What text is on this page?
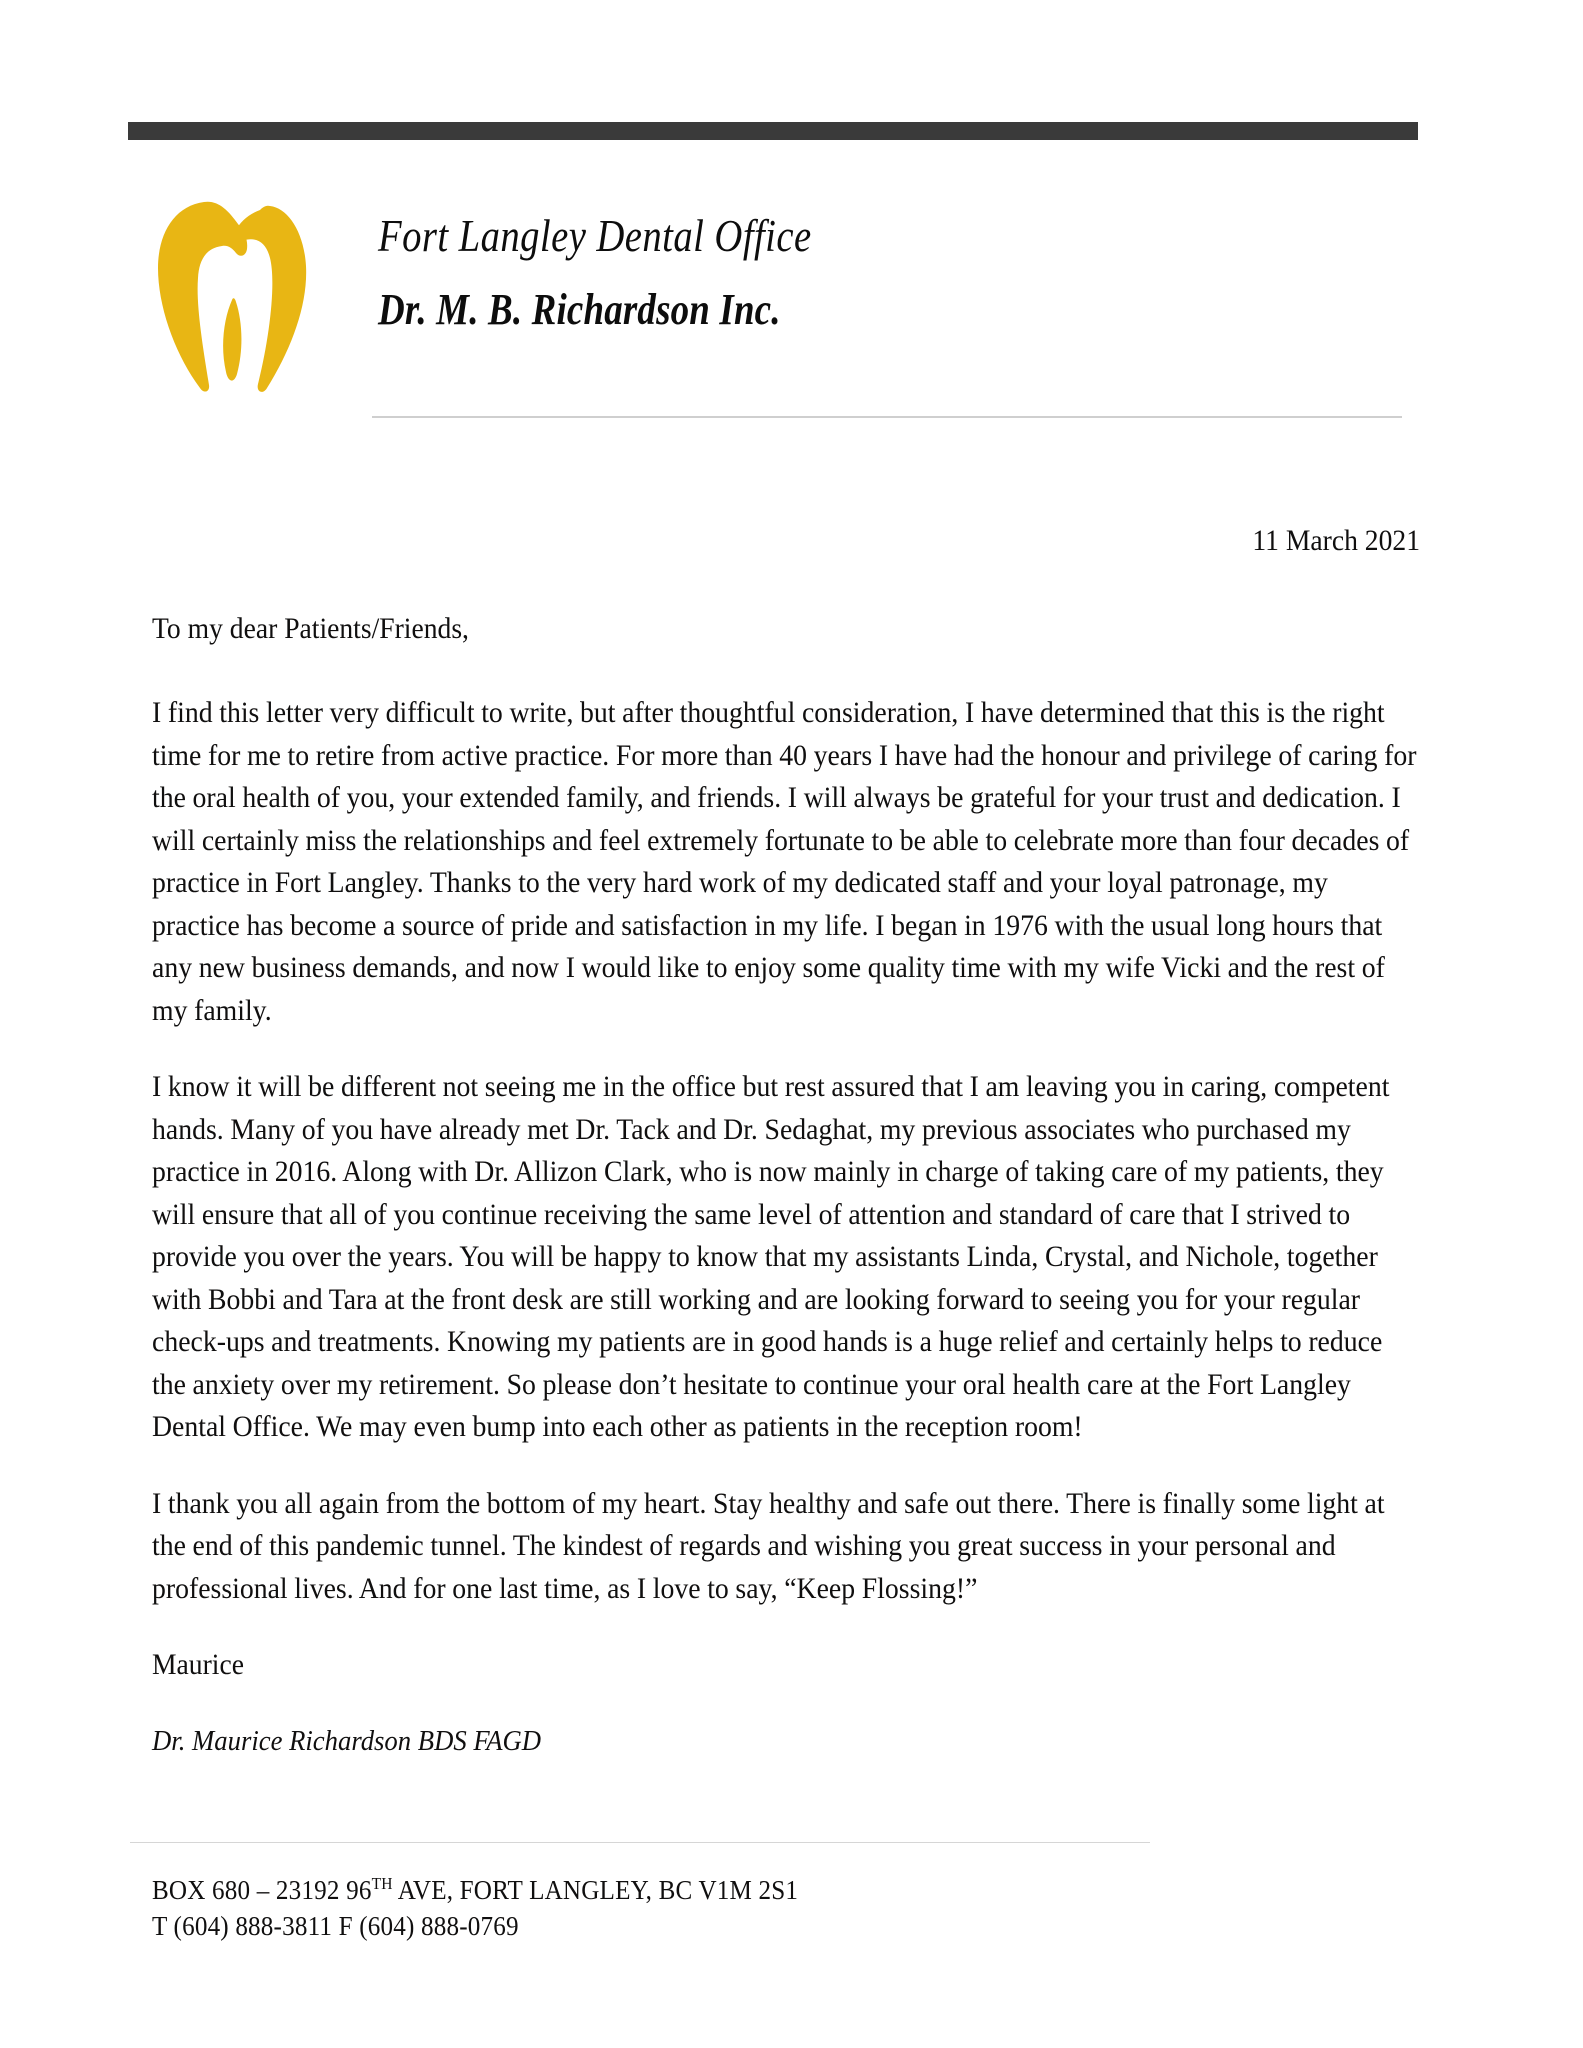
Fort Langley Dental Office
Dr. M. B. Richardson Inc.
11 March 2021
To my dear Patients/Friends,

I find this letter very difficult to write, but after thoughtful consideration, I have determined that this is the right time for me to retire from active practice. For more than 40 years I have had the honour and privilege of caring for the oral health of you, your extended family, and friends. I will always be grateful for your trust and dedication. I will certainly miss the relationships and feel extremely fortunate to be able to celebrate more than four decades of practice in Fort Langley. Thanks to the very hard work of my dedicated staff and your loyal patronage, my practice has become a source of pride and satisfaction in my life. I began in 1976 with the usual long hours that any new business demands, and now I would like to enjoy some quality time with my wife Vicki and the rest of my family.

I know it will be different not seeing me in the office but rest assured that I am leaving you in caring, competent hands. Many of you have already met Dr. Tack and Dr. Sedaghat, my previous associates who purchased my practice in 2016. Along with Dr. Allizon Clark, who is now mainly in charge of taking care of my patients, they will ensure that all of you continue receiving the same level of attention and standard of care that I strived to provide you over the years. You will be happy to know that my assistants Linda, Crystal, and Nichole, together with Bobbi and Tara at the front desk are still working and are looking forward to seeing you for your regular check-ups and treatments. Knowing my patients are in good hands is a huge relief and certainly helps to reduce the anxiety over my retirement. So please don’t hesitate to continue your oral health care at the Fort Langley Dental Office. We may even bump into each other as patients in the reception room!

I thank you all again from the bottom of my heart. Stay healthy and safe out there. There is finally some light at the end of this pandemic tunnel. The kindest of regards and wishing you great success in your personal and professional lives. And for one last time, as I love to say, “Keep Flossing!”

Maurice
Dr. Maurice Richardson BDS FAGD
BOX 680 – 23192 96TH AVE, FORT LANGLEY, BC V1M 2S1
T (604) 888-3811 F (604) 888-0769
